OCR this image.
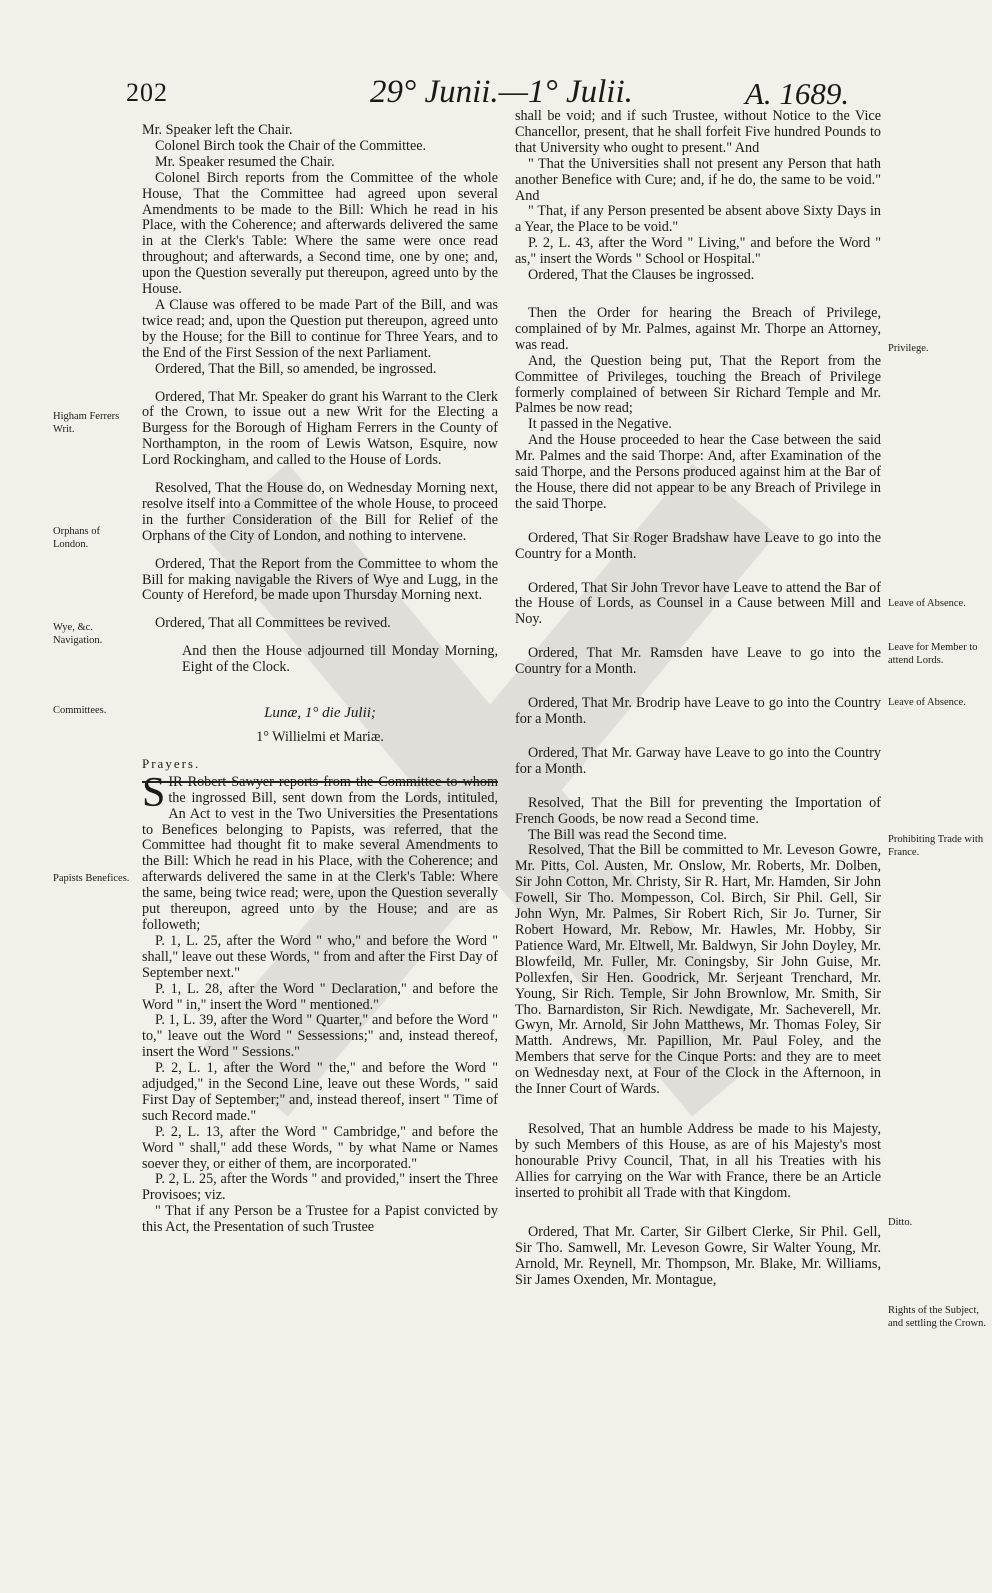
202	29° Junii.—1° Julii.	A. 1689.

Mr. Speaker left the Chair.

Colonel Birch took the Chair of the Committee.

Mr. Speaker resumed the Chair.

Colonel Birch reports from the Committee of the whole House, That the Committee had agreed upon several Amendments to be made to the Bill: Which he read in his Place, with the Coherence; and afterwards delivered the same in at the Clerk's Table: Where the same were once read throughout; and afterwards, a Second time, one by one; and, upon the Question severally put thereupon, agreed unto by the House.

A Clause was offered to be made Part of the Bill, and was twice read; and, upon the Question put thereupon, agreed unto by the House; for the Bill to continue for Three Years, and to the End of the First Session of the next Parliament.

Ordered, That the Bill, so amended, be ingrossed.

Ordered, That Mr. Speaker do grant his Warrant to the Clerk of the Crown, to issue out a new Writ for the Electing a Burgess for the Borough of Higham Ferrers in the County of Northampton, in the room of Lewis Watson, Esquire, now Lord Rockingham, and called to the House of Lords.

Resolved, That the House do, on Wednesday Morning next, resolve itself into a Committee of the whole House, to proceed in the further Consideration of the Bill for Relief of the Orphans of the City of London, and nothing to intervene.

Ordered, That the Report from the Committee to whom the Bill for making navigable the Rivers of Wye and Lugg, in the County of Hereford, be made upon Thursday Morning next.

Ordered, That all Committees be revived.

And then the House adjourned till Monday Morning, Eight of the Clock.

Lunæ, 1° die Julii;

1° Willielmi et Mariæ.

Prayers.

SIR Robert Sawyer reports from the Committee to whom the ingrossed Bill, sent down from the Lords, intituled, An Act to vest in the Two Universities the Presentations to Benefices belonging to Papists, was referred, that the Committee had thought fit to make several Amendments to the Bill: Which he read in his Place, with the Coherence; and afterwards delivered the same in at the Clerk's Table: Where the same, being twice read; were, upon the Question severally put thereupon, agreed unto by the House; and are as followeth;

P. 1, L. 25, after the Word " who," and before the Word " shall," leave out these Words, " from and after the First Day of September next."

P. 1, L. 28, after the Word " Declaration," and before the Word " in," insert the Word " mentioned."

P. 1, L. 39, after the Word " Quarter," and before the Word " to," leave out the Word " Sessessions;" and, instead thereof, insert the Word " Sessions."

P. 2, L. 1, after the Word " the," and before the Word " adjudged," in the Second Line, leave out these Words, " said First Day of September;" and, instead thereof, insert " Time of such Record made."

P. 2, L. 13, after the Word " Cambridge," and before the Word " shall," add these Words, " by what Name or Names soever they, or either of them, are incorporated."

P. 2, L. 25, after the Words " and provided," insert the Three Provisoes; viz.

" That if any Person be a Trustee for a Papist convicted by this Act, the Presentation of such Trustee

shall be void; and if such Trustee, without Notice to the Vice Chancellor, present, that he shall forfeit Five hundred Pounds to that University who ought to present." And

" That the Universities shall not present any Person that hath another Benefice with Cure; and, if he do, the same to be void." And

" That, if any Person presented be absent above Sixty Days in a Year, the Place to be void."

P. 2, L. 43, after the Word " Living," and before the Word " as," insert the Words " School or Hospital."

Ordered, That the Clauses be ingrossed.

Then the Order for hearing the Breach of Privilege, complained of by Mr. Palmes, against Mr. Thorpe an Attorney, was read.

And, the Question being put, That the Report from the Committee of Privileges, touching the Breach of Privilege formerly complained of between Sir Richard Temple and Mr. Palmes be now read;

It passed in the Negative.

And the House proceeded to hear the Case between the said Mr. Palmes and the said Thorpe: And, after Examination of the said Thorpe, and the Persons produced against him at the Bar of the House, there did not appear to be any Breach of Privilege in the said Thorpe.

Ordered, That Sir Roger Bradshaw have Leave to go into the Country for a Month.

Ordered, That Sir John Trevor have Leave to attend the Bar of the House of Lords, as Counsel in a Cause between Mill and Noy.

Ordered, That Mr. Ramsden have Leave to go into the Country for a Month.

Ordered, That Mr. Brodrip have Leave to go into the Country for a Month.

Ordered, That Mr. Garway have Leave to go into the Country for a Month.

Resolved, That the Bill for preventing the Importation of French Goods, be now read a Second time.

The Bill was read the Second time.

Resolved, That the Bill be committed to Mr. Leveson Gowre, Mr. Pitts, Col. Austen, Mr. Onslow, Mr. Roberts, Mr. Dolben, Sir John Cotton, Mr. Christy, Sir R. Hart, Mr. Hamden, Sir John Fowell, Sir Tho. Mompesson, Col. Birch, Sir Phil. Gell, Sir John Wyn, Mr. Palmes, Sir Robert Rich, Sir Jo. Turner, Sir Robert Howard, Mr. Rebow, Mr. Hawles, Mr. Hobby, Sir Patience Ward, Mr. Eltwell, Mr. Baldwyn, Sir John Doyley, Mr. Blowfeild, Mr. Fuller, Mr. Coningsby, Sir John Guise, Mr. Pollexfen, Sir Hen. Goodrick, Mr. Serjeant Trenchard, Mr. Young, Sir Rich. Temple, Sir John Brownlow, Mr. Smith, Sir Tho. Barnardiston, Sir Rich. Newdigate, Mr. Sacheverell, Mr. Gwyn, Mr. Arnold, Sir John Matthews, Mr. Thomas Foley, Sir Matth. Andrews, Mr. Papillion, Mr. Paul Foley, and the Members that serve for the Cinque Ports: and they are to meet on Wednesday next, at Four of the Clock in the Afternoon, in the Inner Court of Wards.

Resolved, That an humble Address be made to his Majesty, by such Members of this House, as are of his Majesty's most honourable Privy Council, That, in all his Treaties with his Allies for carrying on the War with France, there be an Article inserted to prohibit all Trade with that Kingdom.

Ordered, That Mr. Carter, Sir Gilbert Clerke, Sir Phil. Gell, Sir Tho. Samwell, Mr. Leveson Gowre, Sir Walter Young, Mr. Arnold, Mr. Reynell, Mr. Thompson, Mr. Blake, Mr. Williams, Sir James Oxenden, Mr. Montague,

Higham Ferrers Writ.
Orphans of London.
Wye, &c. Navigation.
Committees.
Papists Benefices.
Privilege.
Leave of Absence.
Leave for Member to attend Lords.
Leave of Absence.
Prohibiting Trade with France.
Ditto.
Rights of the Subject, and settling the Crown.
